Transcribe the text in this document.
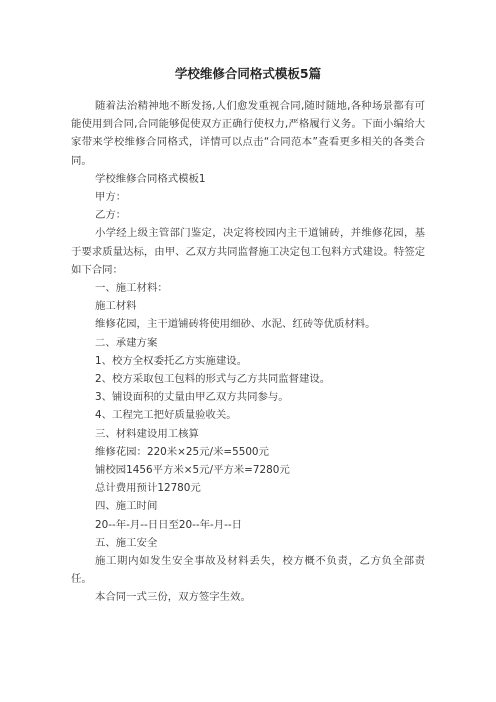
学校维修合同格式模板5篇

随着法治精神地不断发扬,人们愈发重视合同,随时随地,各种场景都有可能使用到合同,合同能够促使双方正确行使权力,严格履行义务。下面小编给大家带来学校维修合同格式，详情可以点击“合同范本”查看更多相关的各类合同。

学校维修合同格式模板1

甲方：

乙方：

小学经上级主管部门鉴定，决定将校园内主干道铺砖，并维修花园，基于要求质量达标，由甲、乙双方共同监督施工决定包工包料方式建设。特签定如下合同：

一、施工材料：

施工材料

维修花园，主干道铺砖将使用细砂、水泥、红砖等优质材料。

二、承建方案

1、校方全权委托乙方实施建设。

2、校方采取包工包料的形式与乙方共同监督建设。

3、铺设面积的丈量由甲乙双方共同参与。

4、工程完工把好质量验收关。

三、材料建设用工核算

维修花园：220米×25元/米=5500元

铺校园1456平方米×5元/平方米=7280元

总计费用预计12780元

四、施工时间

20--年-月--日日至20--年-月--日

五、施工安全

施工期内如发生安全事故及材料丢失，校方概不负责，乙方负全部责任。

本合同一式三份，双方签字生效。
